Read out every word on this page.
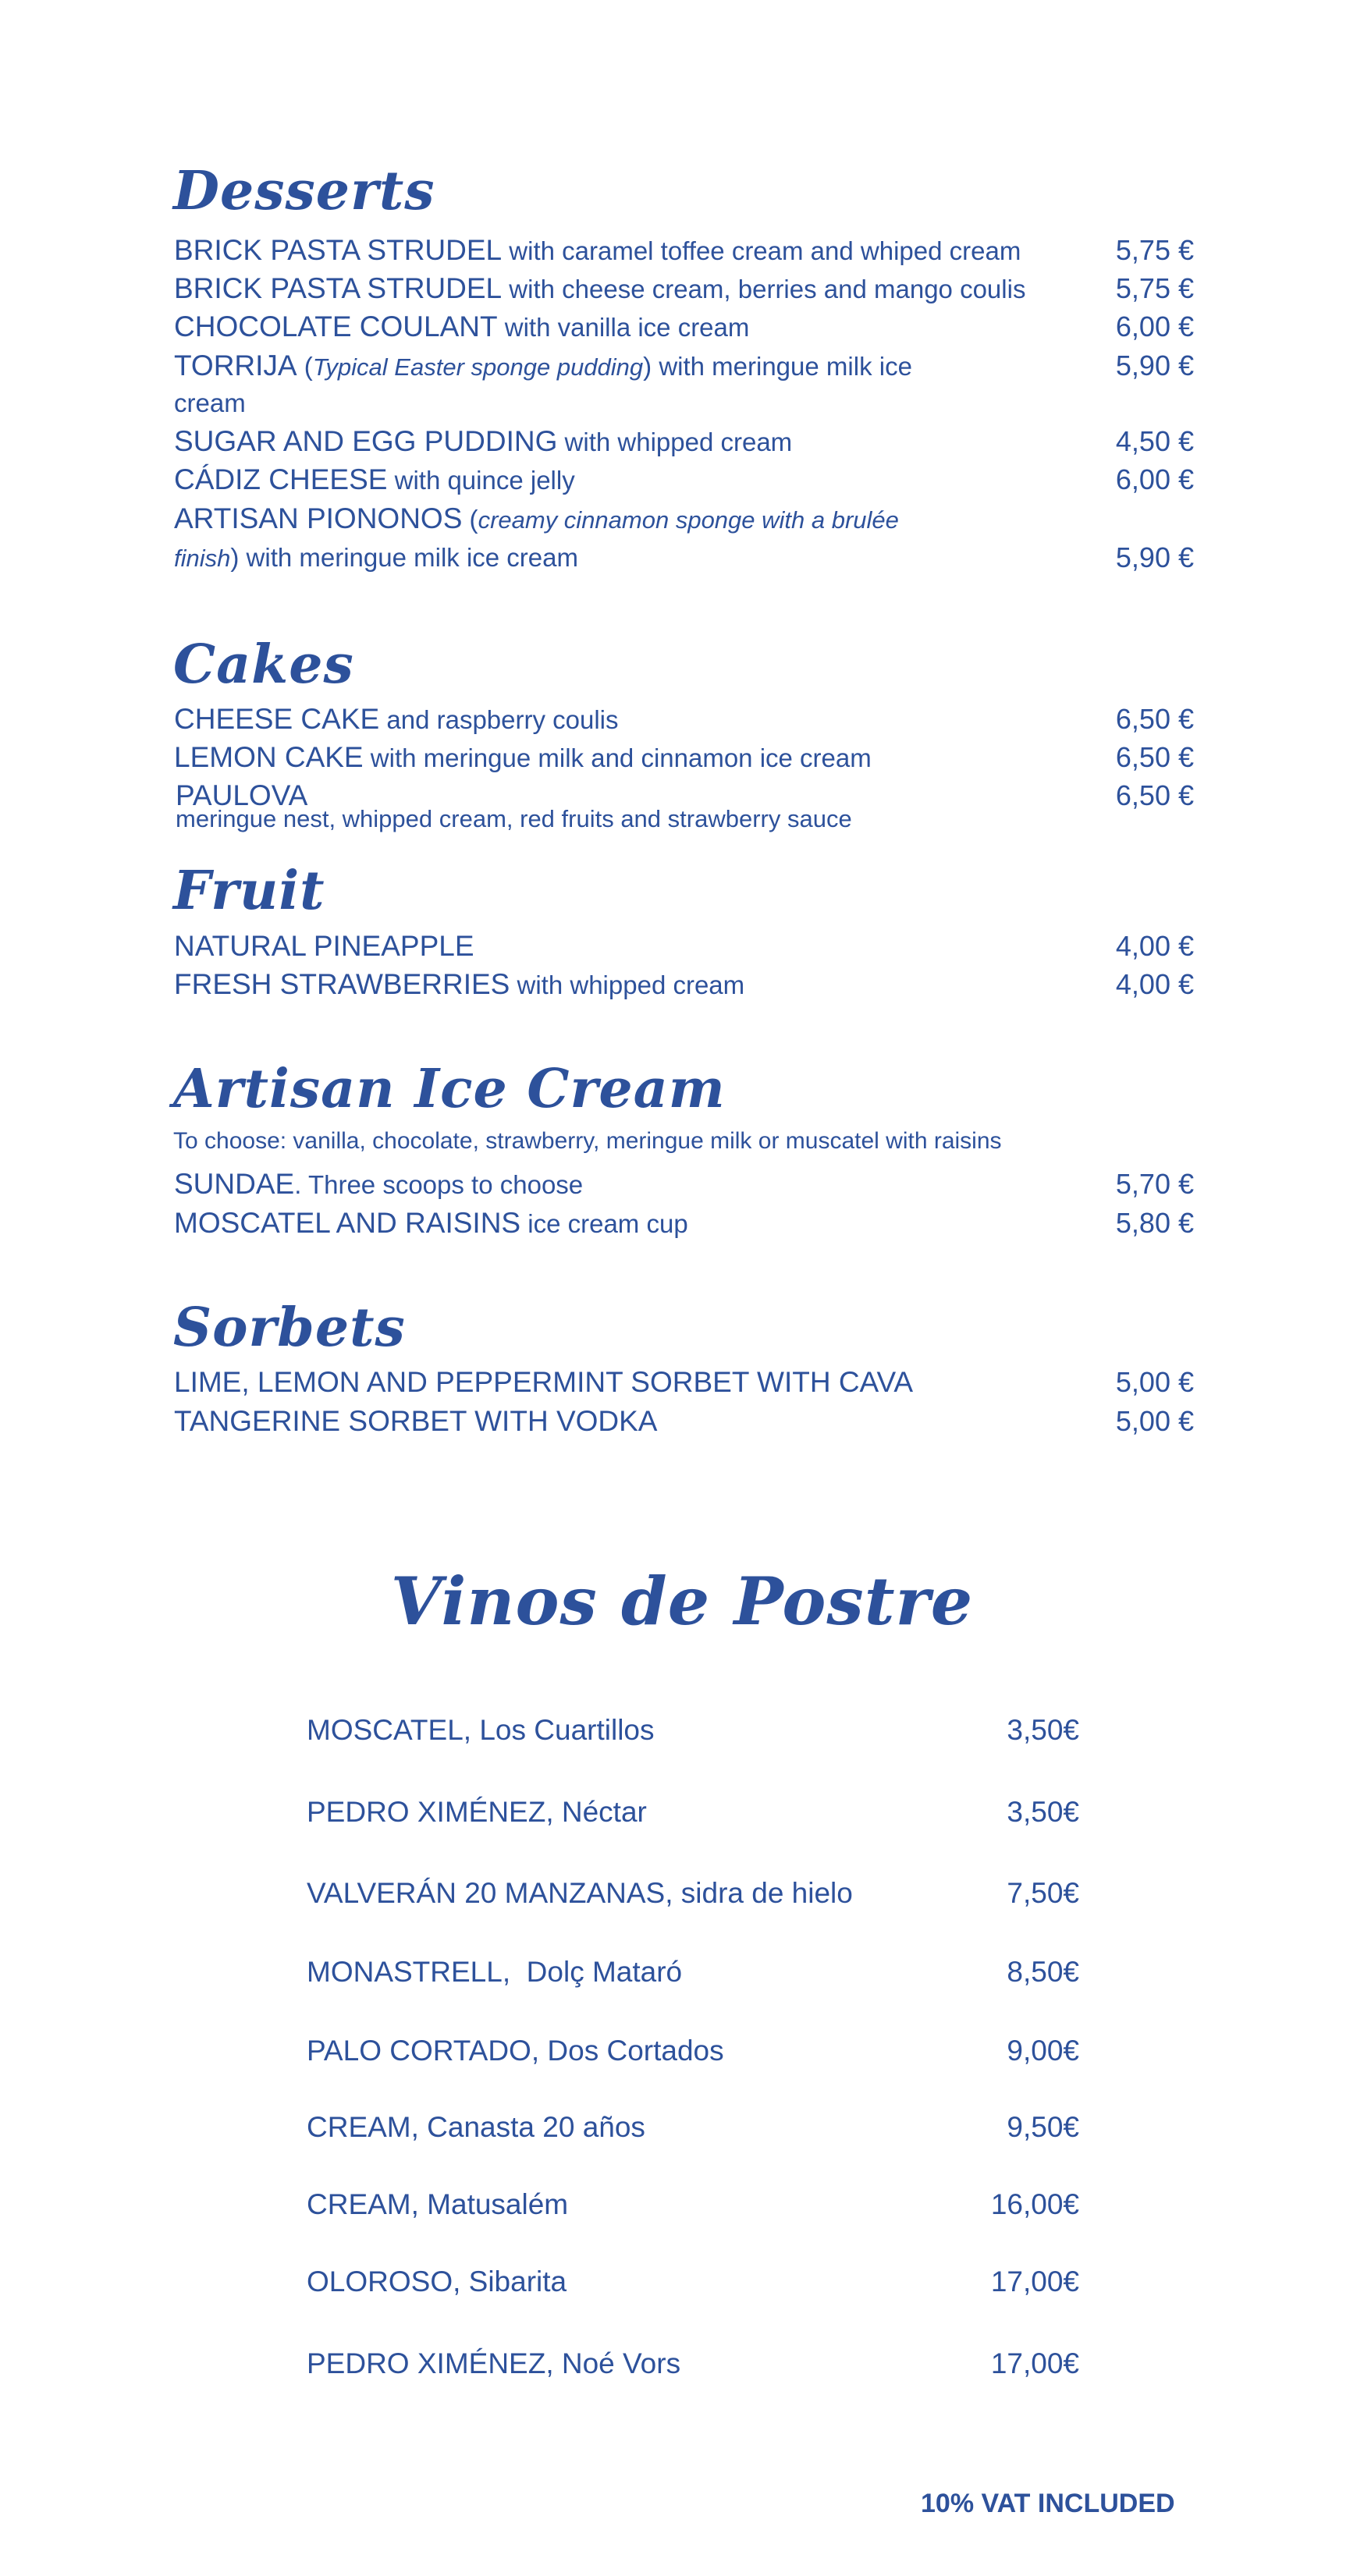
Desserts
BRICK PASTA STRUDEL with caramel toffee cream and whiped cream	5,75 €
BRICK PASTA STRUDEL with cheese cream, berries and mango coulis	5,75 €
CHOCOLATE COULANT with vanilla ice cream	6,00 €
TORRIJA (Typical Easter sponge pudding) with meringue milk ice	5,90 €
cream
SUGAR AND EGG PUDDING with whipped cream	4,50 €
CÁDIZ CHEESE with quince jelly	6,00 €
ARTISAN PIONONOS (creamy cinnamon sponge with a brulée
finish) with meringue milk ice cream	5,90 €
Cakes
CHEESE CAKE and raspberry coulis	6,50 €
LEMON CAKE with meringue milk and cinnamon ice cream	6,50 €
PAULOVA	6,50 €
meringue nest, whipped cream, red fruits and strawberry sauce
Fruit
NATURAL PINEAPPLE	4,00 €
FRESH STRAWBERRIES with whipped cream	4,00 €
Artisan Ice Cream
To choose: vanilla, chocolate, strawberry, meringue milk or muscatel with raisins
SUNDAE. Three scoops to choose	5,70 €
MOSCATEL AND RAISINS ice cream cup	5,80 €
Sorbets
LIME, LEMON AND PEPPERMINT SORBET WITH CAVA	5,00 €
TANGERINE SORBET WITH VODKA	5,00 €
Vinos de Postre
MOSCATEL, Los Cuartillos	3,50€
PEDRO XIMÉNEZ, Néctar	3,50€
VALVERÁN 20 MANZANAS, sidra de hielo	7,50€
MONASTRELL,  Dolç Mataró	8,50€
PALO CORTADO, Dos Cortados	9,00€
CREAM, Canasta 20 años	9,50€
CREAM, Matusalém	16,00€
OLOROSO, Sibarita	17,00€
PEDRO XIMÉNEZ, Noé Vors	17,00€
10% VAT INCLUDED
